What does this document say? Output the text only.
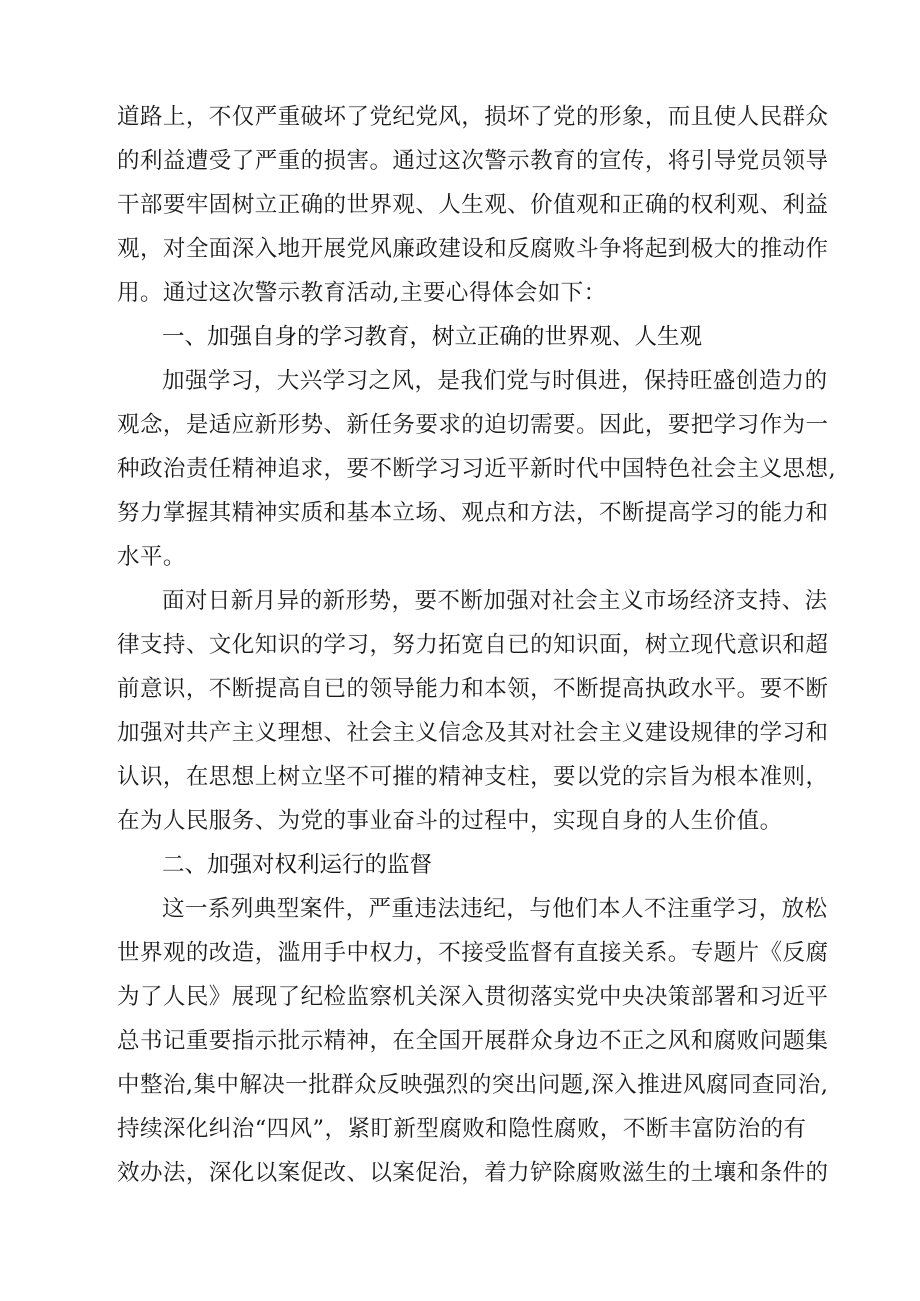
道路上，不仅严重破坏了党纪党风，损坏了党的形象，而且使人民群众
的利益遭受了严重的损害。通过这次警示教育的宣传，将引导党员领导
干部要牢固树立正确的世界观、人生观、价值观和正确的权利观、利益
观，对全面深入地开展党风廉政建设和反腐败斗争将起到极大的推动作
用。通过这次警示教育活动,主要心得体会如下：
一、加强自身的学习教育，树立正确的世界观、人生观
加强学习，大兴学习之风，是我们党与时俱进，保持旺盛创造力的
观念，是适应新形势、新任务要求的迫切需要。因此，要把学习作为一
种政治责任精神追求，要不断学习习近平新时代中国特色社会主义思想,
努力掌握其精神实质和基本立场、观点和方法，不断提高学习的能力和
水平。
面对日新月异的新形势，要不断加强对社会主义市场经济支持、法
律支持、文化知识的学习，努力拓宽自已的知识面，树立现代意识和超
前意识，不断提高自已的领导能力和本领，不断提高执政水平。要不断
加强对共产主义理想、社会主义信念及其对社会主义建设规律的学习和
认识，在思想上树立坚不可摧的精神支柱，要以党的宗旨为根本准则，
在为人民服务、为党的事业奋斗的过程中，实现自身的人生价值。
二、加强对权利运行的监督
这一系列典型案件，严重违法违纪，与他们本人不注重学习，放松
世界观的改造，滥用手中权力，不接受监督有直接关系。专题片《反腐
为了人民》展现了纪检监察机关深入贯彻落实党中央决策部署和习近平
总书记重要指示批示精神，在全国开展群众身边不正之风和腐败问题集
中整治,集中解决一批群众反映强烈的突出问题,深入推进风腐同查同治,
持续深化纠治“四风”，紧盯新型腐败和隐性腐败，不断丰富防治的有
效办法，深化以案促改、以案促治，着力铲除腐败滋生的土壤和条件的
